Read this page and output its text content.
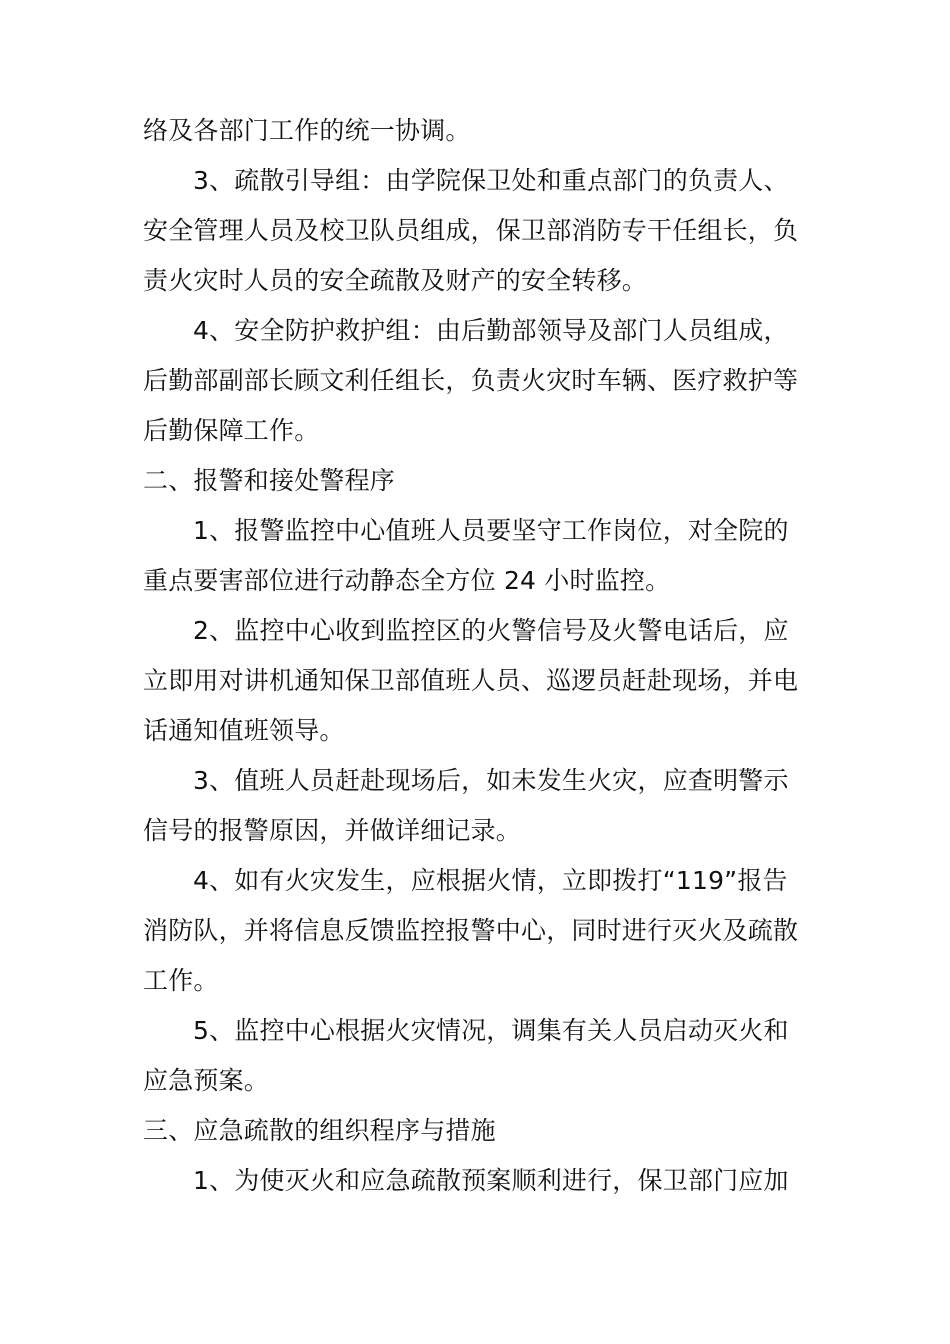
络及各部门工作的统一协调。
3、疏散引导组：由学院保卫处和重点部门的负责人、
安全管理人员及校卫队员组成，保卫部消防专干任组长，负
责火灾时人员的安全疏散及财产的安全转移。
4、安全防护救护组：由后勤部领导及部门人员组成，
后勤部副部长顾文利任组长，负责火灾时车辆、医疗救护等
后勤保障工作。
二、报警和接处警程序
1、报警监控中心值班人员要坚守工作岗位，对全院的
重点要害部位进行动静态全方位 24 小时监控。
2、监控中心收到监控区的火警信号及火警电话后，应
立即用对讲机通知保卫部值班人员、巡逻员赶赴现场，并电
话通知值班领导。
3、值班人员赶赴现场后，如未发生火灾，应查明警示
信号的报警原因，并做详细记录。
4、如有火灾发生，应根据火情，立即拨打“119”报告
消防队，并将信息反馈监控报警中心，同时进行灭火及疏散
工作。
5、监控中心根据火灾情况，调集有关人员启动灭火和
应急预案。
三、应急疏散的组织程序与措施
1、为使灭火和应急疏散预案顺利进行，保卫部门应加
